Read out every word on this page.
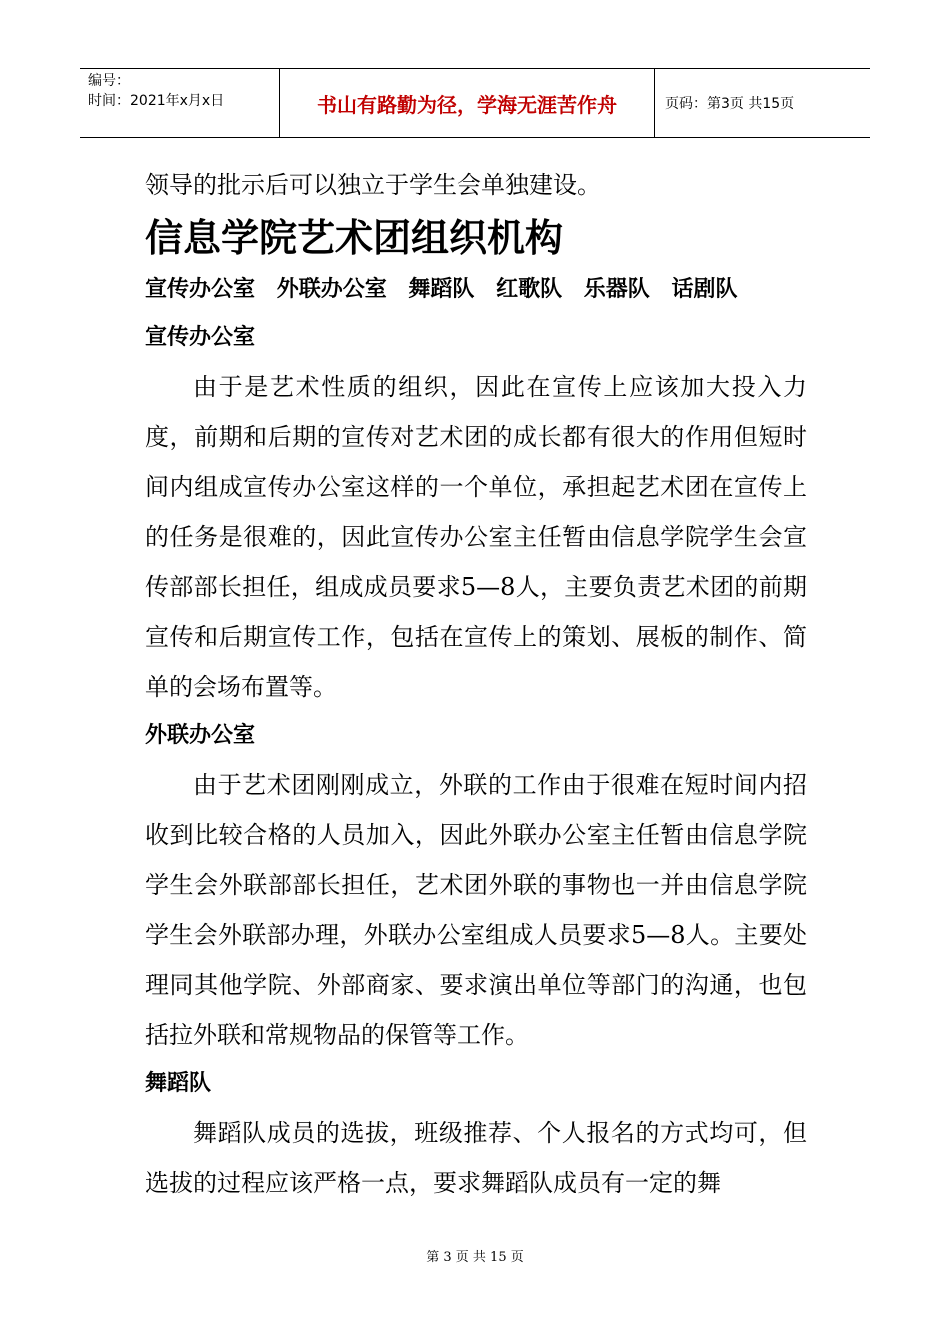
编号：
时间：2021年x月x日	书山有路勤为径，学海无涯苦作舟	页码：第3页 共15页

领导的批示后可以独立于学生会单独建设。

信息学院艺术团组织机构
宣传办公室 外联办公室 舞蹈队 红歌队 乐器队 话剧队
宣传办公室

由于是艺术性质的组织，因此在宣传上应该加大投入力度，前期和后期的宣传对艺术团的成长都有很大的作用但短时间内组成宣传办公室这样的一个单位，承担起艺术团在宣传上的任务是很难的，因此宣传办公室主任暂由信息学院学生会宣传部部长担任，组成成员要求5—8人，主要负责艺术团的前期宣传和后期宣传工作，包括在宣传上的策划、展板的制作、简单的会场布置等。

外联办公室

由于艺术团刚刚成立，外联的工作由于很难在短时间内招收到比较合格的人员加入，因此外联办公室主任暂由信息学院学生会外联部部长担任，艺术团外联的事物也一并由信息学院学生会外联部办理，外联办公室组成人员要求5—8人。主要处理同其他学院、外部商家、要求演出单位等部门的沟通，也包括拉外联和常规物品的保管等工作。

舞蹈队

舞蹈队成员的选拔，班级推荐、个人报名的方式均可，但选拔的过程应该严格一点，要求舞蹈队成员有一定的舞

第 3 页 共 15 页
